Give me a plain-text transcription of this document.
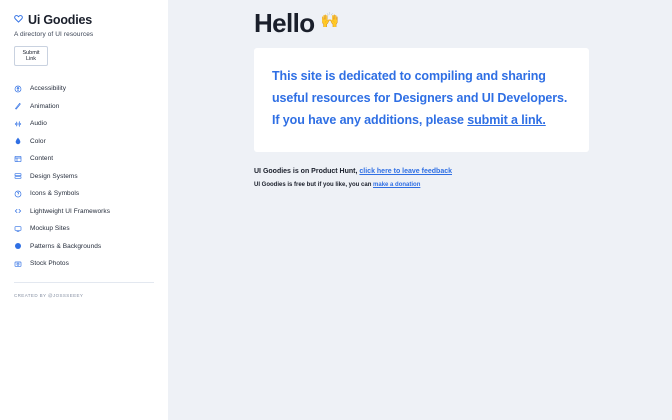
Ui Goodies
A directory of UI resources
Submit Link
Accessibility
Animation
Audio
Color
Content
Design Systems
Icons & Symbols
Lightweight UI Frameworks
Mockup Sites
Patterns & Backgrounds
Stock Photos
CREATED BY @JOSSSEEEY
Hello 🙌

This site is dedicated to compiling and sharing useful resources for Designers and UI Developers. If you have any additions, please submit a link.

UI Goodies is on Product Hunt, click here to leave feedback
UI Goodies is free but if you like, you can make a donation
